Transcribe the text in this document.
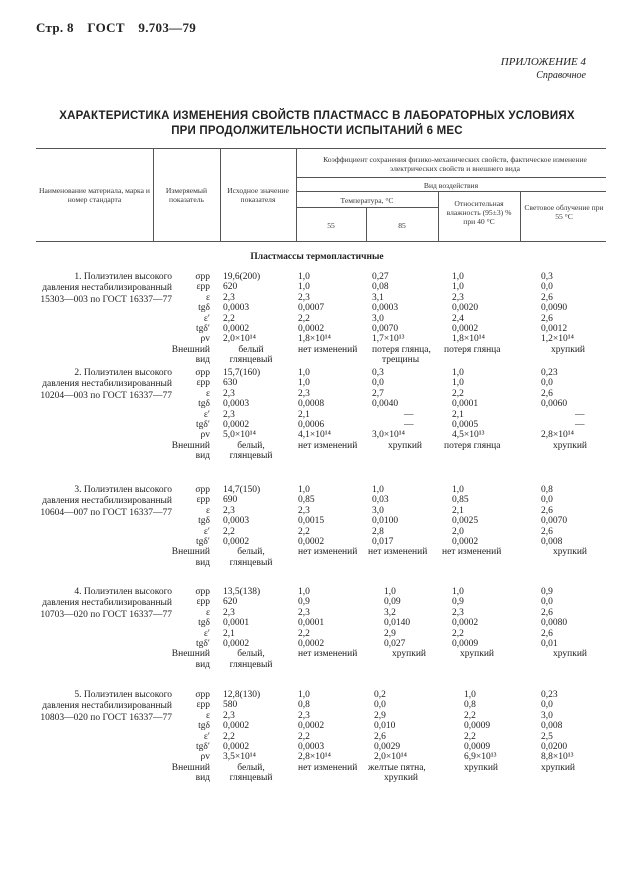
Стр. 8 ГОСТ 9.703—79
ПРИЛОЖЕНИЕ 4
Справочное
ХАРАКТЕРИСТИКА ИЗМЕНЕНИЯ СВОЙСТВ ПЛАСТМАСС В ЛАБОРАТОРНЫХ УСЛОВИЯХ
ПРИ ПРОДОЛЖИТЕЛЬНОСТИ ИСПЫТАНИЙ 6 МЕС
Наименование материала, марка и номер стандарта
Измеряемый показатель
Исходное значение показателя
Коэффициент сохранения физико-механических свойств, фактическое изменение электрических свойств и внешнего вида
Вид воздействия
Температура, °С
55	85
Относительная влажность (95±3) % при 40 °С
Световое облучение при 55 °С
Пластмассы термопластичные
1. Полиэтилен высокого давления нестабилизированный 15303—003 по ГОСТ 16337—77
σрр
εрр
ε
tgδ
ε′
tgδ′
ρv
Внешний
вид
19,6(200)
620
2,3
0,0003
2,2
0,0002
2,0×10¹⁴
белый
глянцевый
1,0
1,0
2,3
0,0007
2,2
0,0002
1,8×10¹⁴
нет изменений
0,27
0,08
3,1
0,0003
3,0
0,0070
1,7×10¹³
потеря глянца,
трещины
1,0
1,0
2,3
0,0020
2,4
0,0002
1,8×10¹⁴
потеря глянца
0,3
0,0
2,6
0,0090
2,6
0,0012
1,2×10¹⁴
хрупкий
2. Полиэтилен высокого давления нестабилизированный 10204—003 по ГОСТ 16337—77
σрр
εрр
ε
tgδ
ε′
tgδ′
ρv
Внешний
вид
15,7(160)
630
2,3
0,0003
2,3
0,0002
5,0×10¹⁴
белый,
глянцевый
1,0
1,0
2,3
0,0008
2,1
0,0006
4,1×10¹⁴
нет изменений
0,3
0,0
2,7
0,0040
—
—
3,0×10¹⁴
хрупкий
1,0
1,0
2,2
0,0001
2,1
0,0005
4,5×10¹³
потеря глянца
0,23
0,0
2,6
0,0060
—
—
2,8×10¹⁴
хрупкий
3. Полиэтилен высокого давления нестабилизированный 10604—007 по ГОСТ 16337—77
σрр
εрр
ε
tgδ
ε′
tgδ′
Внешний
вид
14,7(150)
690
2,3
0,0003
2,2
0,0002
белый,
глянцевый
1,0
0,85
2,3
0,0015
2,2
0,0002
нет изменений
1,0
0,03
3,0
0,0100
2,8
0,017
нет изменений
1,0
0,85
2,1
0,0025
2,0
0,0002
нет изменений
0,8
0,0
2,6
0,0070
2,6
0,008
хрупкий
4. Полиэтилен высокого давления нестабилизированный 10703—020 по ГОСТ 16337—77
σрр
εрр
ε
tgδ
ε′
tgδ′
Внешний
вид
13,5(138)
620
2,3
0,0001
2,1
0,0002
белый,
глянцевый
1,0
0,9
2,3
0,0001
2,2
0,0002
нет изменений
1,0
0,09
3,2
0,0140
2,9
0,027
хрупкий
1,0
0,9
2,3
0,0002
2,2
0,0009
хрупкий
0,9
0,0
2,6
0,0080
2,6
0,01
хрупкий
5. Полиэтилен высокого давления нестабилизированный 10803—020 по ГОСТ 16337—77
σрр
εрр
ε
tgδ
ε′
tgδ′
ρv
Внешний
вид
12,8(130)
580
2,3
0,0002
2,2
0,0002
3,5×10¹⁴
белый,
глянцевый
1,0
0,8
2,3
0,0002
2,2
0,0003
2,8×10¹⁴
нет изменений
0,2
0,0
2,9
0,010
2,6
0,0029
2,0×10¹⁴
желтые пятна,
хрупкий
1,0
0,8
2,2
0,0009
2,2
0,0009
6,9×10¹³
хрупкий
0,23
0,0
3,0
0,008
2,5
0,0200
8,8×10¹³
хрупкий
